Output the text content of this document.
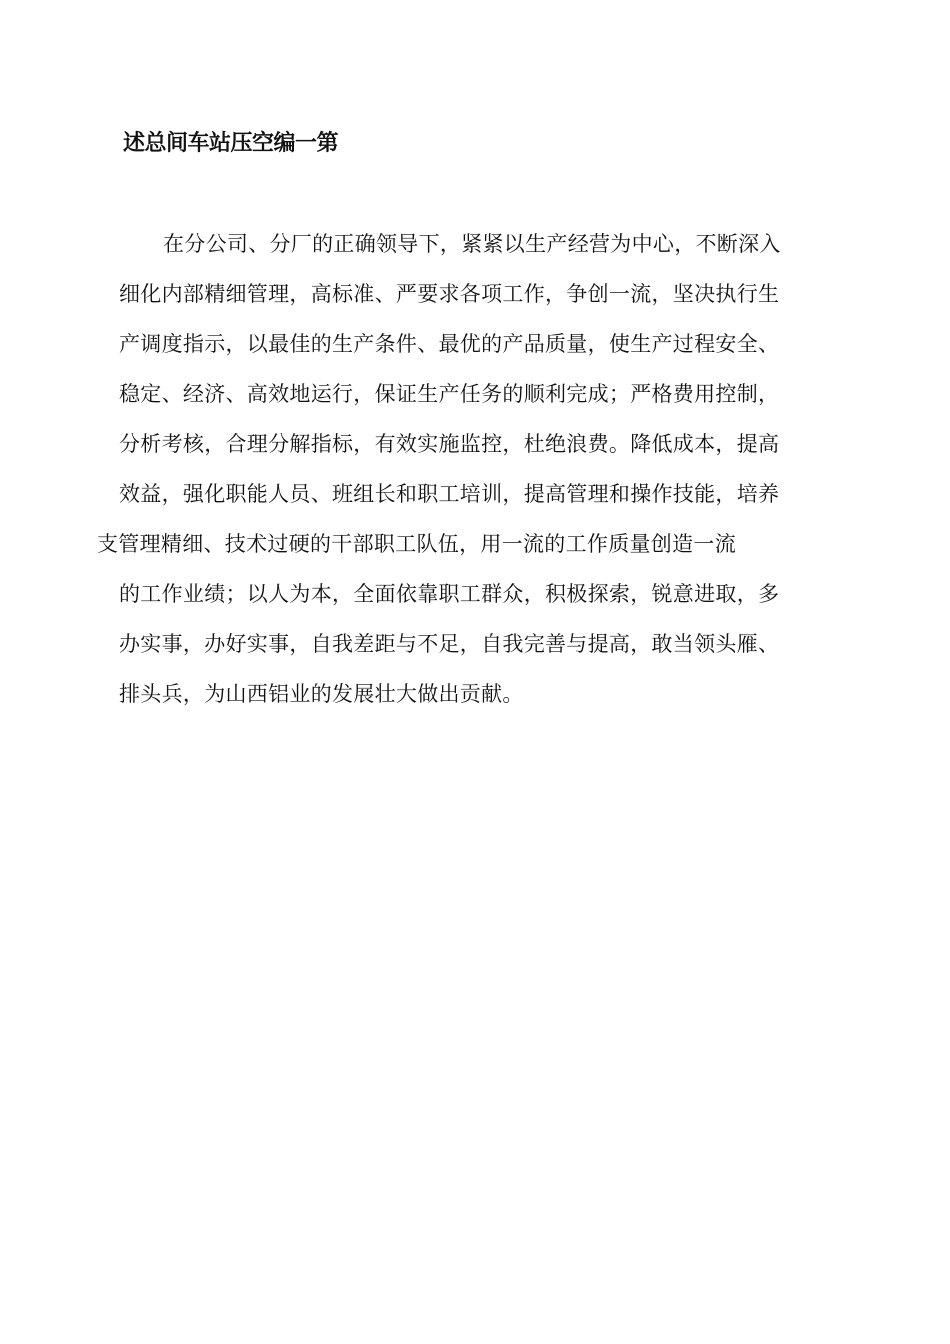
述总间车站压空编一第
在分公司、分厂的正确领导下，紧紧以生产经营为中心，不断深入
细化内部精细管理，高标准、严要求各项工作，争创一流，坚决执行生
产调度指示，以最佳的生产条件、最优的产品质量，使生产过程安全、
稳定、经济、高效地运行，保证生产任务的顺利完成；严格费用控制，
分析考核，合理分解指标，有效实施监控，杜绝浪费。降低成本，提高
效益，强化职能人员、班组长和职工培训，提高管理和操作技能，培养
支管理精细、技术过硬的干部职工队伍，用一流的工作质量创造一流
的工作业绩；以人为本，全面依靠职工群众，积极探索，锐意进取，多
办实事，办好实事，自我差距与不足，自我完善与提高，敢当领头雁、
排头兵，为山西铝业的发展壮大做出贡献。
